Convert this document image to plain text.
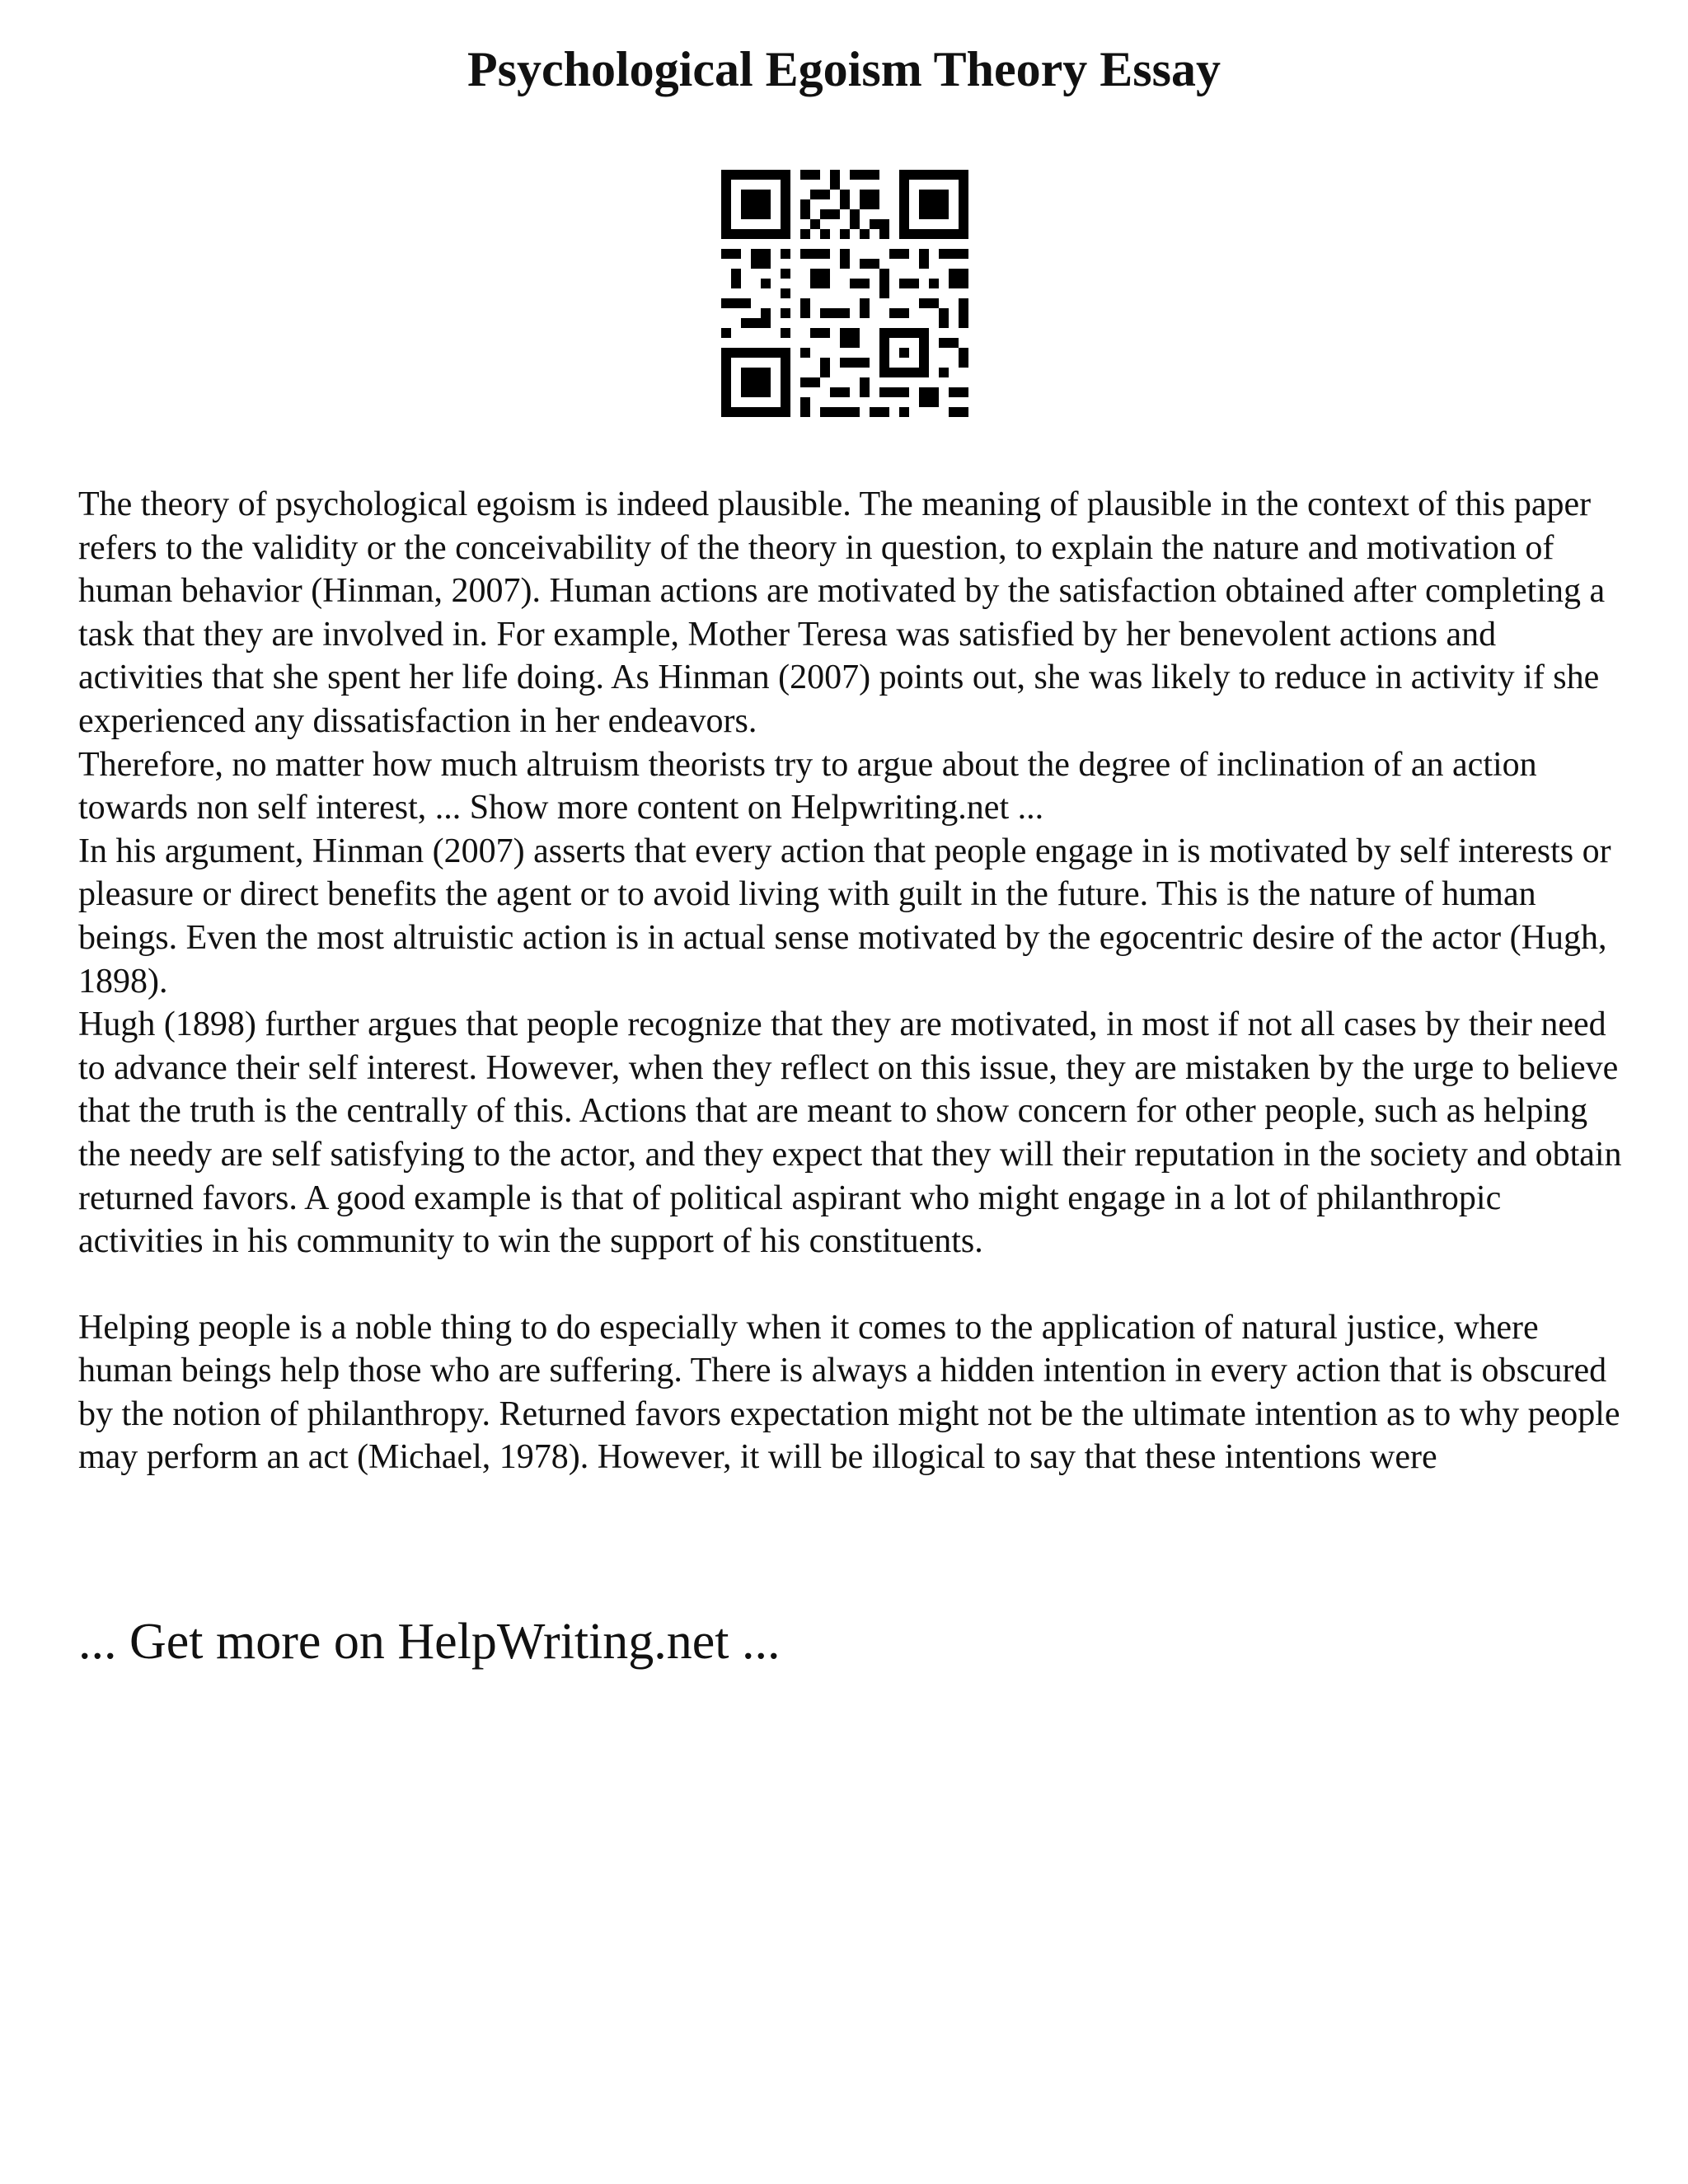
Psychological Egoism Theory Essay

The theory of psychological egoism is indeed plausible. The meaning of plausible in the context of this paper refers to the validity or the conceivability of the theory in question, to explain the nature and motivation of human behavior (Hinman, 2007). Human actions are motivated by the satisfaction obtained after completing a task that they are involved in. For example, Mother Teresa was satisfied by her benevolent actions and activities that she spent her life doing. As Hinman (2007) points out, she was likely to reduce in activity if she experienced any dissatisfaction in her endeavors.

Therefore, no matter how much altruism theorists try to argue about the degree of inclination of an action towards non self interest, ... Show more content on Helpwriting.net ...

In his argument, Hinman (2007) asserts that every action that people engage in is motivated by self interests or pleasure or direct benefits the agent or to avoid living with guilt in the future. This is the nature of human beings. Even the most altruistic action is in actual sense motivated by the egocentric desire of the actor (Hugh, 1898).

Hugh (1898) further argues that people recognize that they are motivated, in most if not all cases by their need to advance their self interest. However, when they reflect on this issue, they are mistaken by the urge to believe that the truth is the centrally of this. Actions that are meant to show concern for other people, such as helping the needy are self satisfying to the actor, and they expect that they will their reputation in the society and obtain returned favors. A good example is that of political aspirant who might engage in a lot of philanthropic activities in his community to win the support of his constituents.

Helping people is a noble thing to do especially when it comes to the application of natural justice, where human beings help those who are suffering. There is always a hidden intention in every action that is obscured by the notion of philanthropy. Returned favors expectation might not be the ultimate intention as to why people may perform an act (Michael, 1978). However, it will be illogical to say that these intentions were

... Get more on HelpWriting.net ...
